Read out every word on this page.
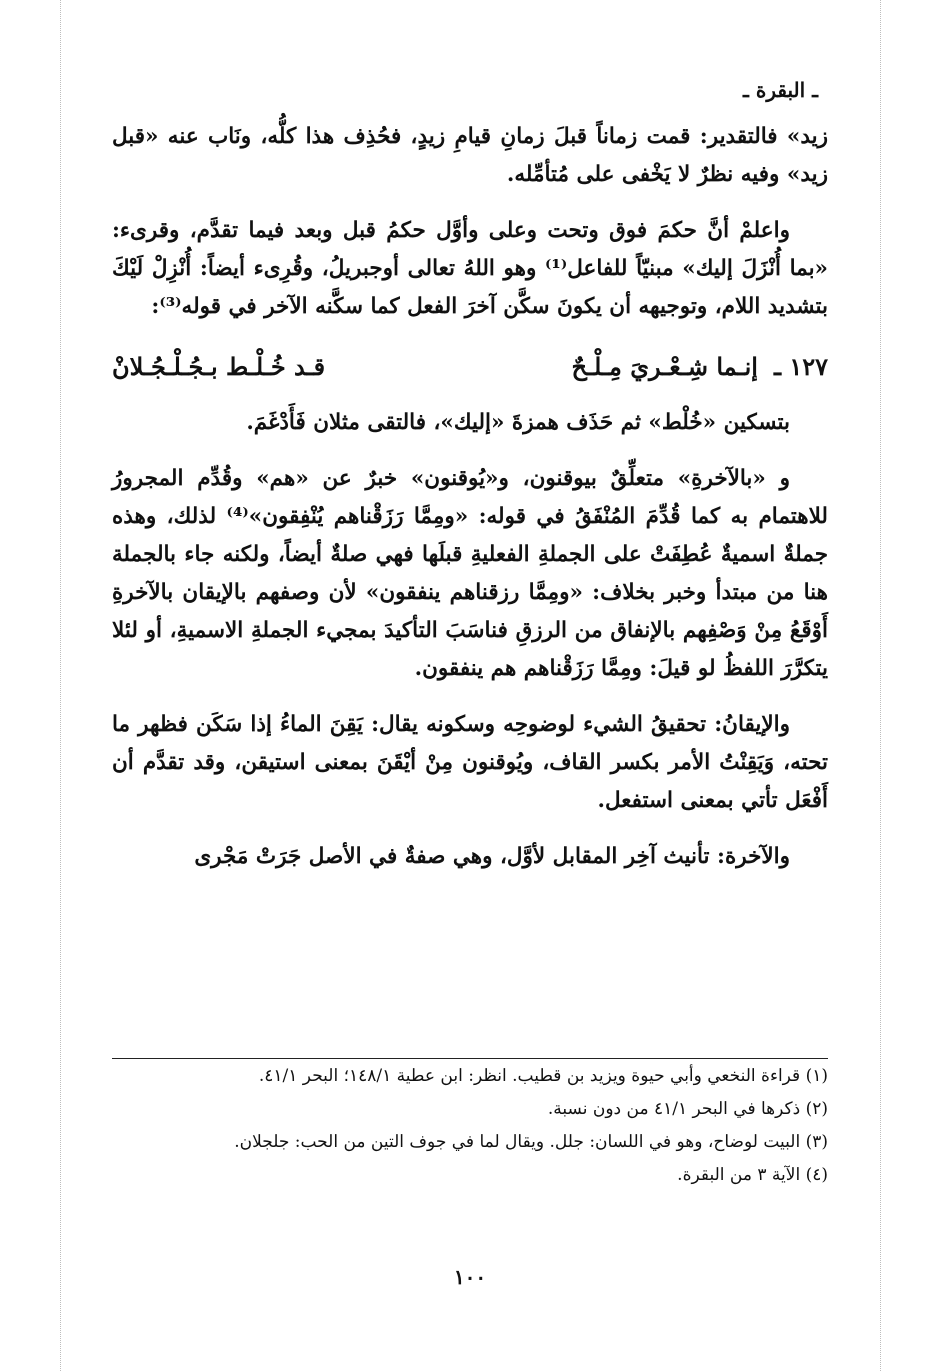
ـ البقرة ـ

زيد» فالتقدير: قمت زماناً قبلَ زمانِ قيامِ زيدٍ، فحُذِف هذا كلُّه، ونَاب عنه «قبل زيد» وفيه نظرٌ لا يَخْفى على مُتأمِّله.

واعلمْ أنَّ حكمَ فوق وتحت وعلى وأوَّل حكمُ قبل وبعد فيما تقدَّم، وقرىء: «بما أُنْزَلَ إليك» مبنيّاً للفاعل⁽¹⁾ وهو اللهُ تعالى أوجبريلُ، وقُرِىء أيضاً: أُنْزِلْ لَيْكَ بتشديد اللام، وتوجيهه أن يكونَ سكَّن آخرَ الفعل كما سكَّنه الآخر في قوله⁽³⁾:

١٢٧ ـ
إنـما شِـعْـريَ مِـلْـحٌ
قـد خُـلْـط بـجُـلْـجُـلانْ

بتسكين «خُلْط» ثم حَذَف همزةَ «إليك»، فالتقى مثلان فَأَدْغَمَ.

و «بالآخرةِ» متعلِّقٌ بيوقنون، و«يُوقنون» خبرٌ عن «هم» وقُدِّم المجرورُ للاهتمام به كما قُدِّمَ المُنْفَقُ في قوله: «ومِمَّا رَزَقْناهم يُنْفِقون»⁽⁴⁾ لذلك، وهذه جملةٌ اسميةٌ عُطِفَتْ على الجملةِ الفعليةِ قبلَها فهي صلةٌ أيضاً، ولكنه جاء بالجملة هنا من مبتدأ وخبر بخلاف: «ومِمَّا رزقناهم ينفقون» لأن وصفهم بالإيقان بالآخرةِ أَوْقَعُ مِنْ وَصْفِهم بالإنفاق من الرزقِ فناسَبَ التأكيدَ بمجيء الجملةِ الاسميةِ، أو لئلا يتكرَّرَ اللفظُ لو قيلَ: ومِمَّا رَزَقْناهم هم ينفقون.

والإيقانُ: تحقيقُ الشيء لوضوحِه وسكونه يقال: يَقِنَ الماءُ إذا سَكَن فظهر ما تحته، وَيَقِنْتُ الأمر بكسر القاف، ويُوقنون مِنْ أيْقَنَ بمعنى استيقن، وقد تقدَّم أن أَفْعَل تأتي بمعنى استفعل.

والآخرة: تأنيث آخِر المقابل لأوَّل، وهي صفةٌ في الأصل جَرَتْ مَجْرى

(١) قراءة النخعي وأبي حيوة ويزيد بن قطيب. انظر: ابن عطية ١٤٨/١؛ البحر ٤١/١.

(٢) ذكرها في البحر ٤١/١ من دون نسبة.

(٣) البيت لوضاح، وهو في اللسان: جلل. ويقال لما في جوف التين من الحب: جلجلان.

(٤) الآية ٣ من البقرة.

١٠٠
